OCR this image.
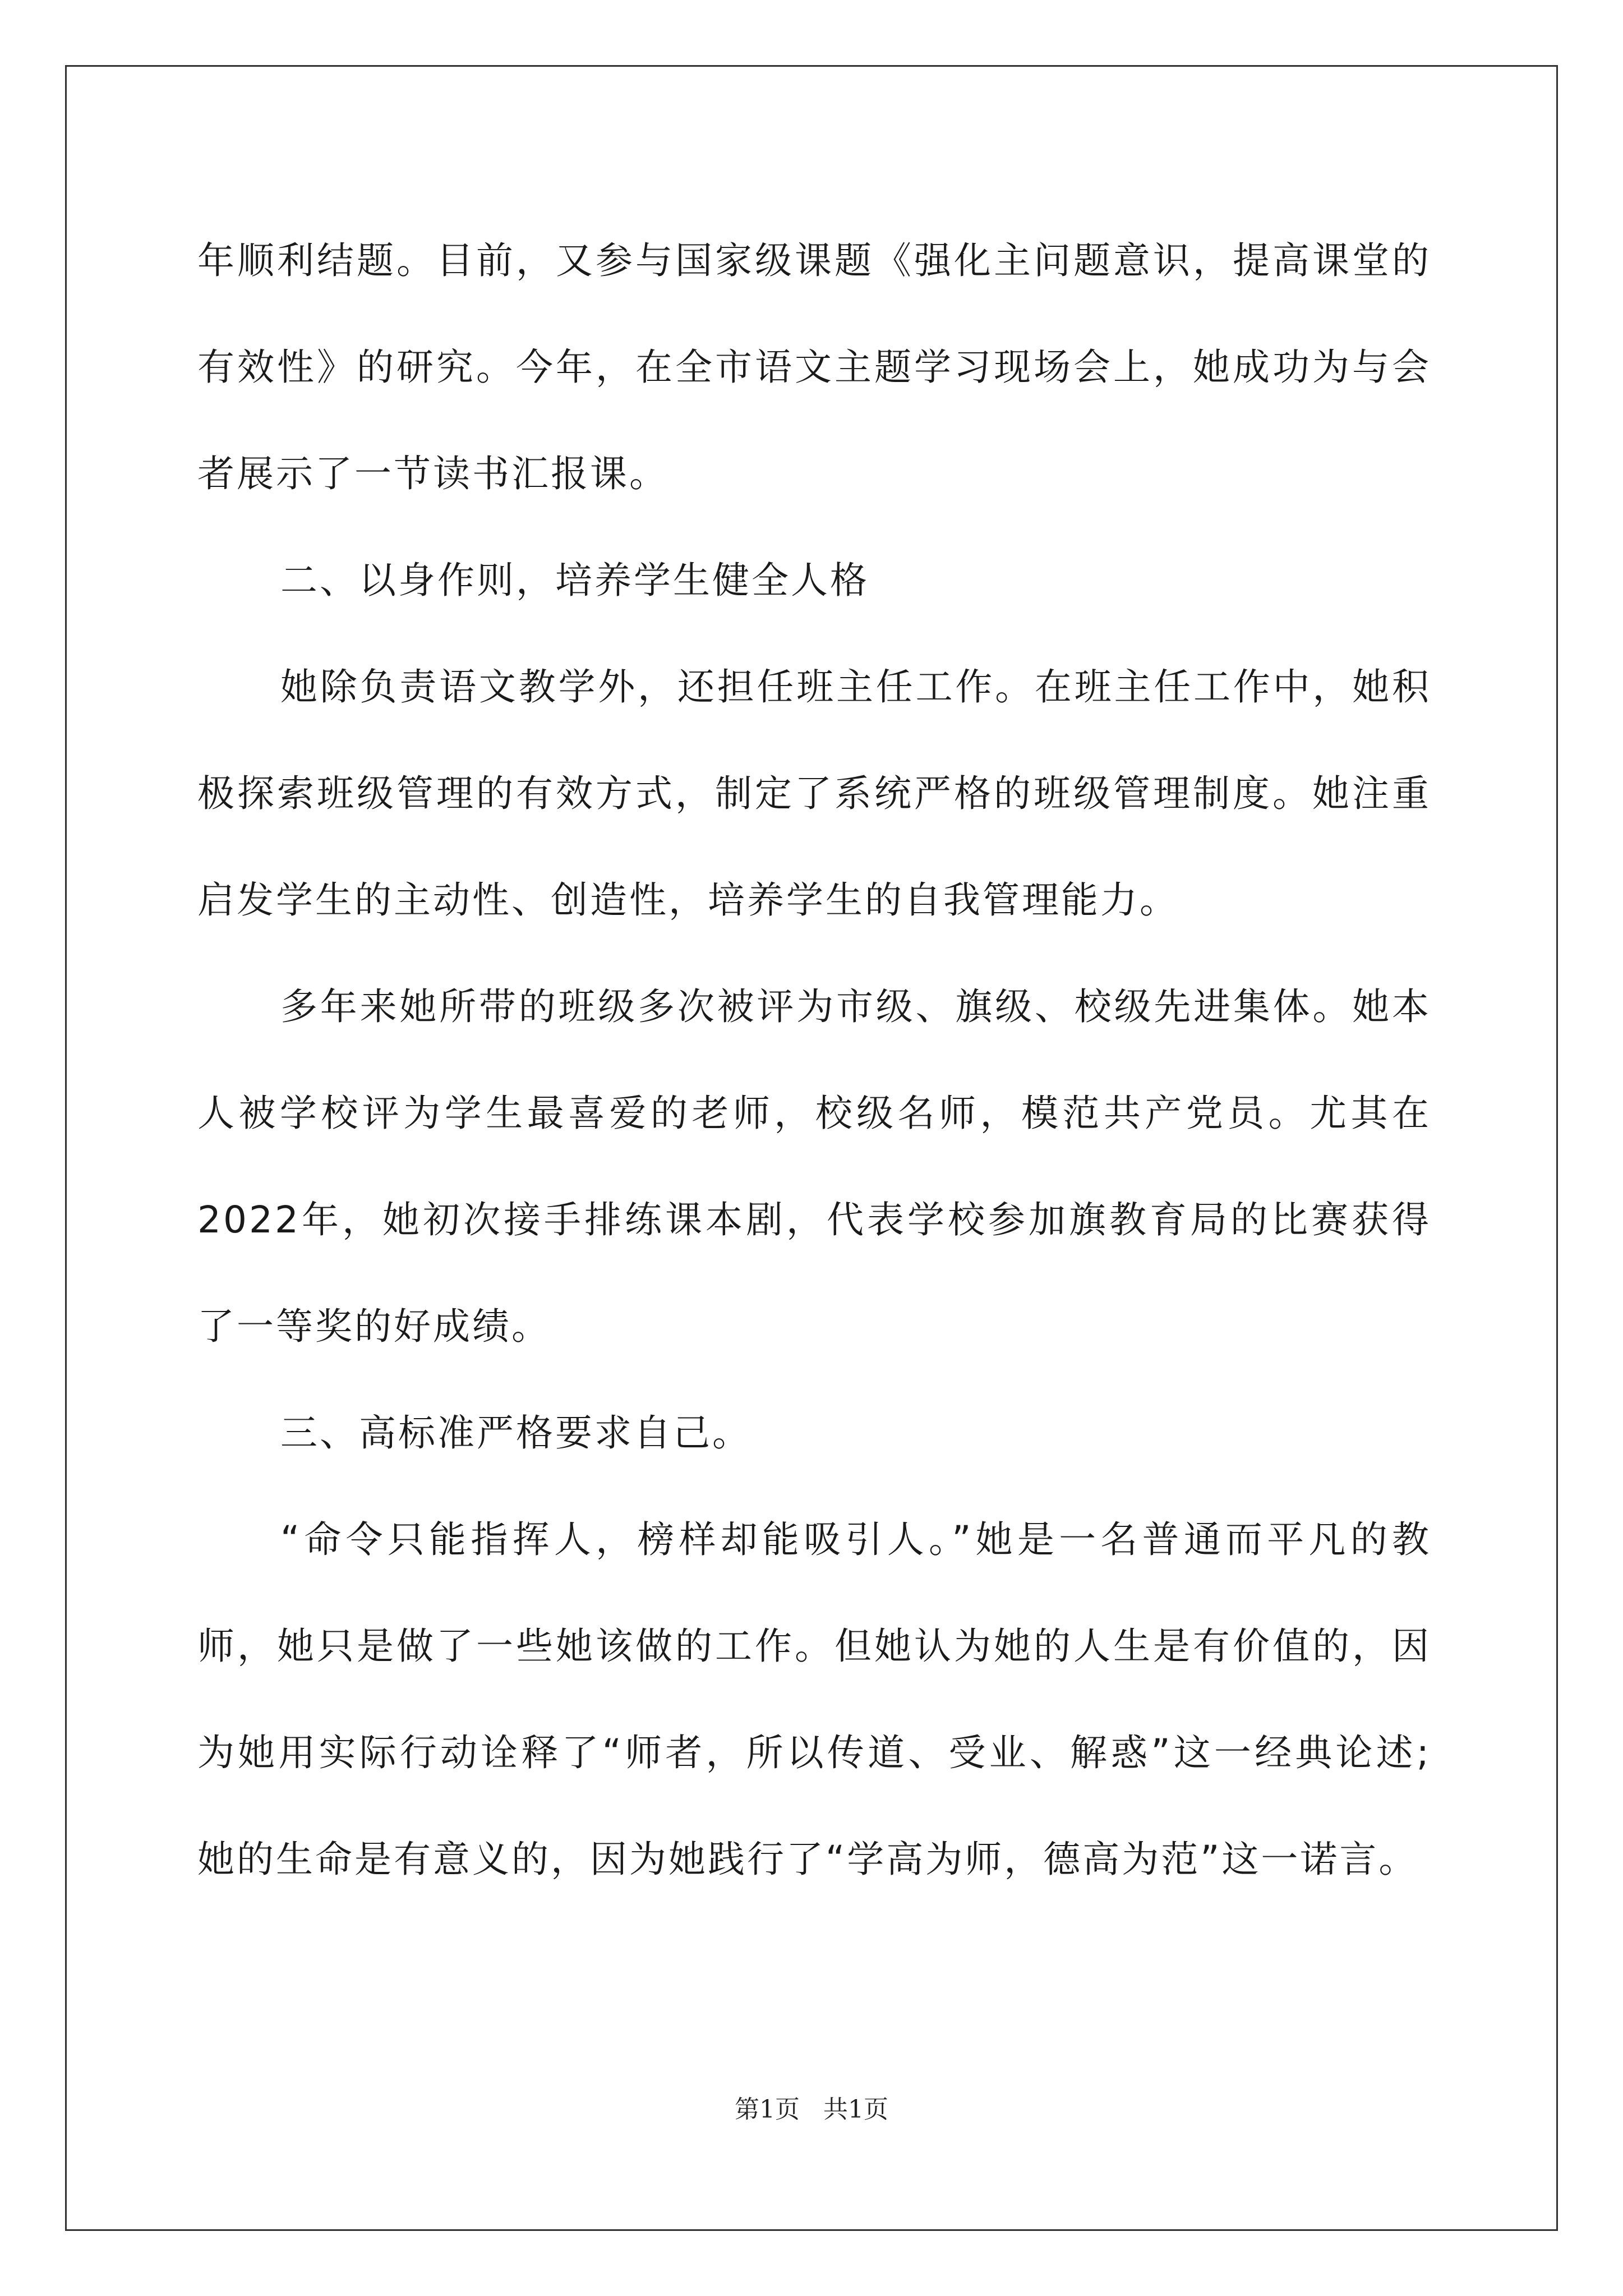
年顺利结题。目前，又参与国家级课题《强化主问题意识，提高课堂的有效性》的研究。今年，在全市语文主题学习现场会上，她成功为与会者展示了一节读书汇报课。

二、以身作则，培养学生健全人格

她除负责语文教学外，还担任班主任工作。在班主任工作中，她积极探索班级管理的有效方式，制定了系统严格的班级管理制度。她注重启发学生的主动性、创造性，培养学生的自我管理能力。

多年来她所带的班级多次被评为市级、旗级、校级先进集体。她本人被学校评为学生最喜爱的老师，校级名师，模范共产党员。尤其在2022年，她初次接手排练课本剧，代表学校参加旗教育局的比赛获得了一等奖的好成绩。

三、高标准严格要求自己。

“命令只能指挥人，榜样却能吸引人。”她是一名普通而平凡的教师，她只是做了一些她该做的工作。但她认为她的人生是有价值的，因为她用实际行动诠释了“师者，所以传道、受业、解惑”这一经典论述;她的生命是有意义的，因为她践行了“学高为师，德高为范”这一诺言。

第1页 共1页
